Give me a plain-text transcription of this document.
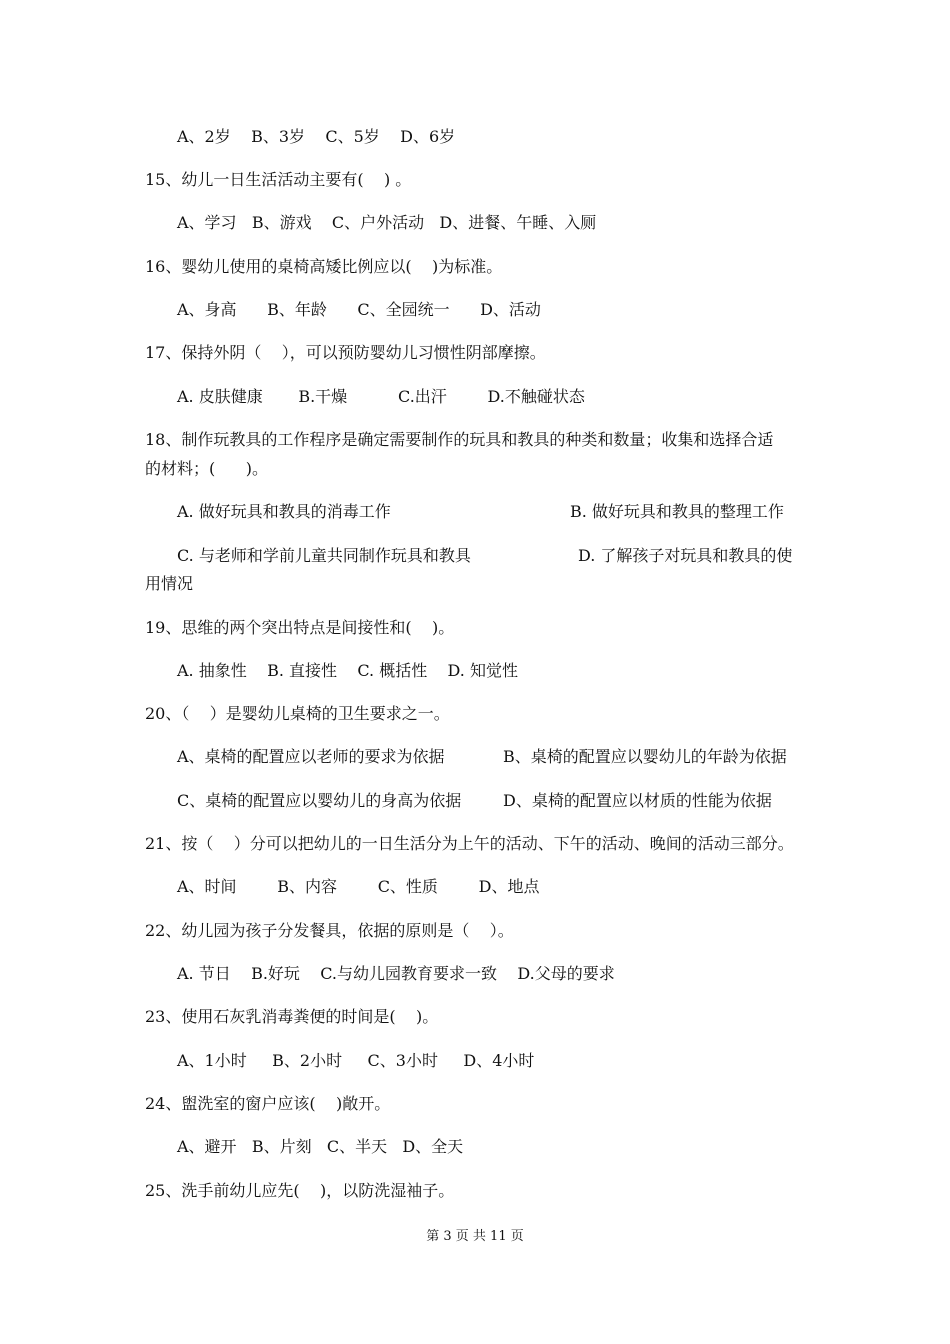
A、2岁    B、3岁    C、5岁    D、6岁
15、幼儿一日生活活动主要有(    ) 。
A、学习   B、游戏    C、户外活动   D、进餐、午睡、入厕
16、婴幼儿使用的桌椅高矮比例应以(    )为标准。
A、身高      B、年龄      C、全园统一      D、活动
17、保持外阴（    ），可以预防婴幼儿习惯性阴部摩擦。
A. 皮肤健康       B.干燥          C.出汗        D.不触碰状态
18、制作玩教具的工作程序是确定需要制作的玩具和教具的种类和数量；收集和选择合适
的材料；(      )。
A. 做好玩具和教具的消毒工作	B. 做好玩具和教具的整理工作
C. 与老师和学前儿童共同制作玩具和教具	D. 了解孩子对玩具和教具的使
用情况
19、思维的两个突出特点是间接性和(    )。
A. 抽象性    B. 直接性    C. 概括性    D. 知觉性
20、（    ）是婴幼儿桌椅的卫生要求之一。
A、桌椅的配置应以老师的要求为依据	B、桌椅的配置应以婴幼儿的年龄为依据
C、桌椅的配置应以婴幼儿的身高为依据	D、桌椅的配置应以材质的性能为依据
21、按（    ）分可以把幼儿的一日生活分为上午的活动、下午的活动、晚间的活动三部分。
A、时间        B、内容        C、性质        D、地点
22、幼儿园为孩子分发餐具，依据的原则是（    ）。
A. 节日    B.好玩    C.与幼儿园教育要求一致    D.父母的要求
23、使用石灰乳消毒粪便的时间是(    )。
A、1小时     B、2小时     C、3小时     D、4小时
24、盥洗室的窗户应该(    )敞开。
A、避开   B、片刻   C、半天   D、全天
25、洗手前幼儿应先(    )，以防洗湿袖子。
第 3 页 共 11 页
